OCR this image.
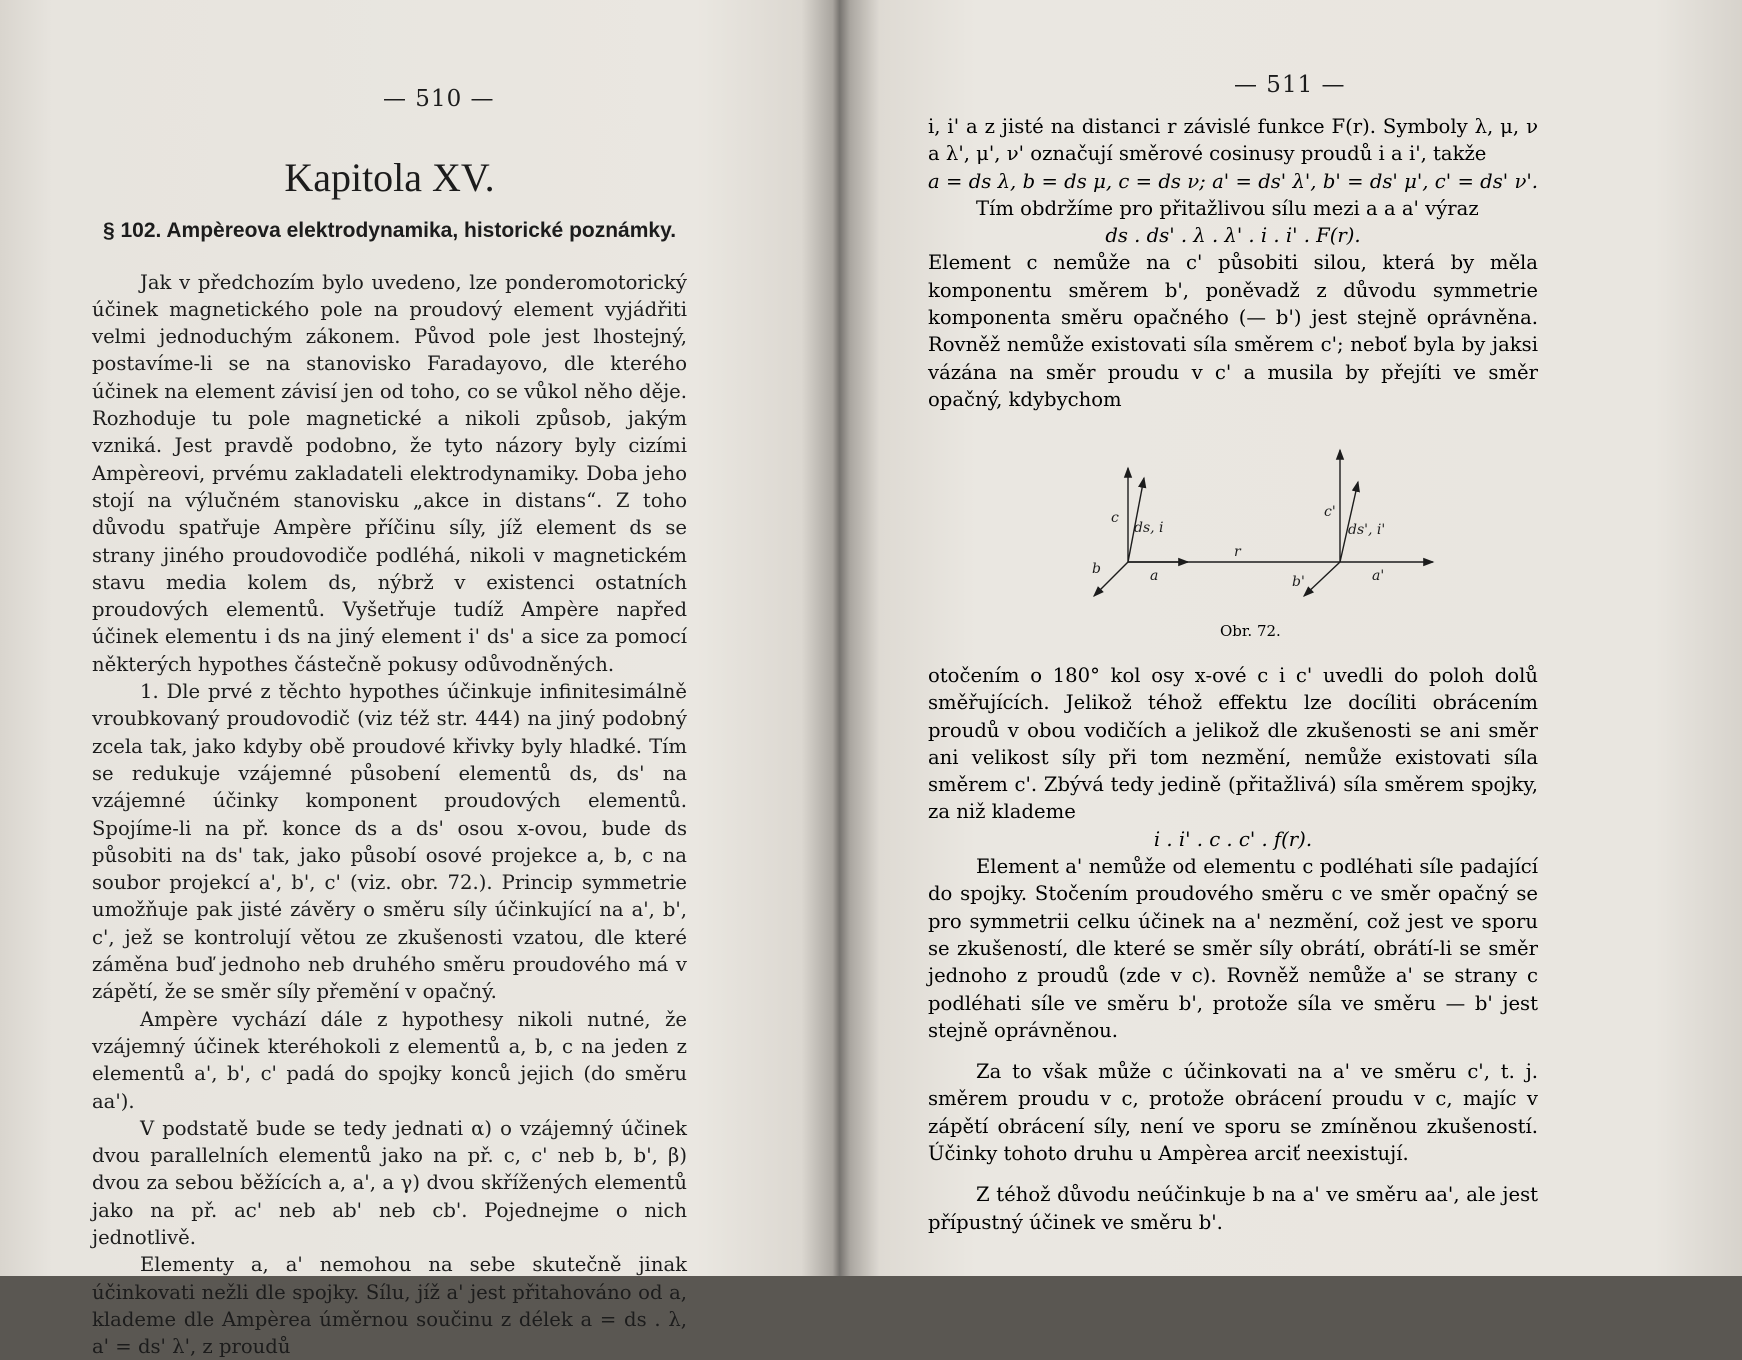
— 510 —
Kapitola XV.
§ 102. Ampèreova elektrodynamika, historické poznámky.

Jak v předchozím bylo uvedeno, lze ponderomotorický účinek magnetického pole na proudový element vyjádřiti velmi jednoduchým zákonem. Původ pole jest lhostejný, postavíme-li se na stanovisko Faradayovo, dle kterého účinek na element závisí jen od toho, co se vůkol něho děje. Rozhoduje tu pole magnetické a nikoli způsob, jakým vzniká. Jest pravdě podobno, že tyto názory byly cizími Ampèreovi, prvému zakladateli elektrodynamiky. Doba jeho stojí na výlučném stanovisku „akce in distans“. Z toho důvodu spatřuje Ampère příčinu síly, jíž element ds se strany jiného proudovodiče podléhá, nikoli v magnetickém stavu media kolem ds, nýbrž v existenci ostatních proudových elementů. Vyšetřuje tudíž Ampère napřed účinek elementu i ds na jiný element i' ds' a sice za pomocí některých hypothes částečně pokusy odůvodněných.

1. Dle prvé z těchto hypothes účinkuje infinitesimálně vroubkovaný proudovodič (viz též str. 444) na jiný podobný zcela tak, jako kdyby obě proudové křivky byly hladké. Tím se redukuje vzájemné působení elementů ds, ds' na vzájemné účinky komponent proudových elementů. Spojíme-li na př. konce ds a ds' osou x-ovou, bude ds působiti na ds' tak, jako působí osové projekce a, b, c na soubor projekcí a', b', c' (viz. obr. 72.). Princip symmetrie umožňuje pak jisté závěry o směru síly účinkující na a', b', c', jež se kontrolují větou ze zkušenosti vzatou, dle které záměna buď jednoho neb druhého směru proudového má v zápětí, že se směr síly přemění v opačný.

Ampère vychází dále z hypothesy nikoli nutné, že vzájemný účinek kteréhokoli z elementů a, b, c na jeden z elementů a', b', c' padá do spojky konců jejich (do směru aa').

V podstatě bude se tedy jednati α) o vzájemný účinek dvou parallelních elementů jako na př. c, c' neb b, b', β) dvou za sebou běžících a, a', a γ) dvou skřížených elementů jako na př. ac' neb ab' neb cb'. Pojednejme o nich jednotlivě.

Elementy a, a' nemohou na sebe skutečně jinak účinkovati nežli dle spojky. Sílu, jíž a' jest přitahováno od a, klademe dle Ampèrea úměrnou součinu z délek a = ds . λ, a' = ds' λ', z proudů

— 511 —

i, i' a z jisté na distanci r závislé funkce F(r). Symboly λ, μ, ν a λ', μ', ν' označují směrové cosinusy proudů i a i', takže

a = ds λ, b = ds μ, c = ds ν; a' = ds' λ', b' = ds' μ', c' = ds' ν'.

Tím obdržíme pro přitažlivou sílu mezi a a a' výraz

ds . ds' . λ . λ' . i . i' . F(r).

Element c nemůže na c' působiti silou, která by měla komponentu směrem b', poněvadž z důvodu symmetrie komponenta směru opačného (— b') jest stejně oprávněna. Rovněž nemůže existovati síla směrem c'; neboť byla by jaksi vázána na směr proudu v c' a musila by přejíti ve směr opačný, kdybychom

c
ds, i
b	a
r
c'
ds', i'
b'	a'
Obr. 72.

otočením o 180° kol osy x-ové c i c' uvedli do poloh dolů směřujících. Jelikož téhož effektu lze docíliti obrácením proudů v obou vodičích a jelikož dle zkušenosti se ani směr ani velikost síly při tom nezmění, nemůže existovati síla směrem c'. Zbývá tedy jedině (přitažlivá) síla směrem spojky, za niž klademe

i . i' . c . c' . f(r).

Element a' nemůže od elementu c podléhati síle padající do spojky. Stočením proudového směru c ve směr opačný se pro symmetrii celku účinek na a' nezmění, což jest ve sporu se zkušeností, dle které se směr síly obrátí, obrátí-li se směr jednoho z proudů (zde v c). Rovněž nemůže a' se strany c podléhati síle ve směru b', protože síla ve směru — b' jest stejně oprávněnou.

Za to však může c účinkovati na a' ve směru c', t. j. směrem proudu v c, protože obrácení proudu v c, majíc v zápětí obrácení síly, není ve sporu se zmíněnou zkušeností. Účinky tohoto druhu u Ampèrea arciť neexistují.

Z téhož důvodu neúčinkuje b na a' ve směru aa', ale jest přípustný účinek ve směru b'.
